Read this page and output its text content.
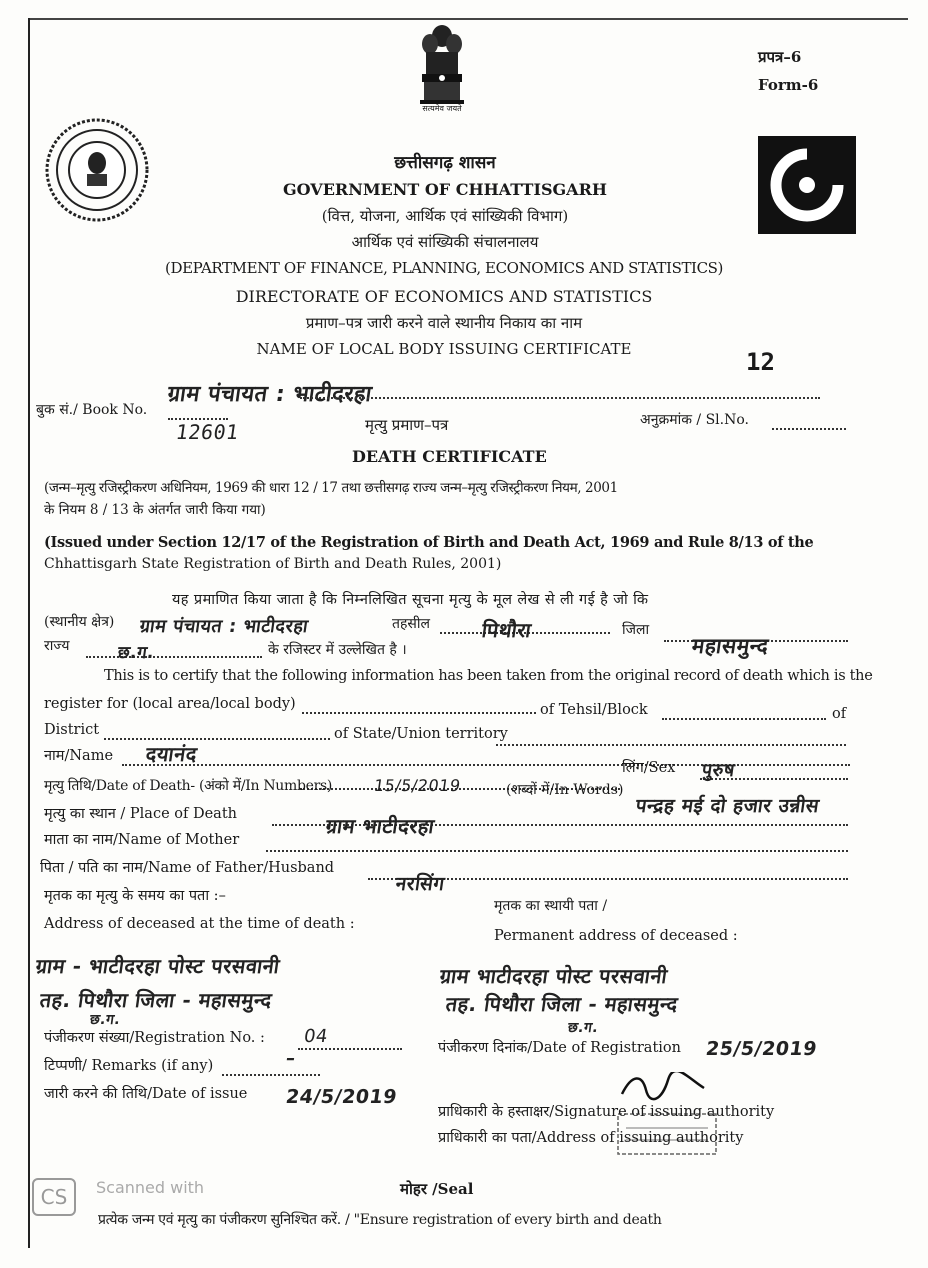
सत्यमेव जयते
प्रपत्र–6
Form-6
छत्तीसगढ़ शासन
GOVERNMENT OF CHHATTISGARH
(वित्त, योजना, आर्थिक एवं सांख्यिकी विभाग)
आर्थिक एवं सांख्यिकी संचालनालय
(DEPARTMENT OF FINANCE, PLANNING, ECONOMICS AND STATISTICS)
DIRECTORATE OF ECONOMICS AND STATISTICS
प्रमाण–पत्र जारी करने वाले स्थानीय निकाय का नाम
NAME OF LOCAL BODY ISSUING CERTIFICATE	12
ग्राम पंचायत : भाटीदरहा
बुक सं./ Book No.
12601	मृत्यु प्रमाण–पत्र	अनुक्रमांक / Sl.No.
DEATH CERTIFICATE
(जन्म–मृत्यु रजिस्ट्रीकरण अधिनियम, 1969 की धारा 12 / 17 तथा छत्तीसगढ़ राज्य जन्म–मृत्यु रजिस्ट्रीकरण नियम, 2001
के नियम 8 / 13 के अंतर्गत जारी किया गया)
(Issued under Section 12/17 of the Registration of Birth and Death Act, 1969 and Rule 8/13 of the
Chhattisgarh State Registration of Birth and Death Rules, 2001)
यह प्रमाणित किया जाता है कि निम्नलिखित सूचना मृत्यु के मूल लेख से ली गई है जो कि
(स्थानीय क्षेत्र) ग्राम पंचायत : भाटीदरहा	तहसील	पिथौरा	जिला
महासमुन्द
राज्य	छ.ग.	के रजिस्टर में उल्लेखित है ।
This is to certify that the following information has been taken from the original record of death which is the
register for (local area/local body)	of Tehsil/Block	of
District	of State/Union territory
नाम/Name दयानंद
लिंग/Sex पुरुष
मृत्यु तिथि/Date of Death- (अंको में/In Numbers)	15/5/2019	(शब्दों में/In Words)
पन्द्रह मई दो हजार उन्नीस
मृत्यु का स्थान / Place of Death	ग्राम भाटीदरहा
माता का नाम/Name of Mother
पिता / पति का नाम/Name of Father/Husband
नरसिंग
मृतक का मृत्यु के समय का पता :–
Address of deceased at the time of death :
मृतक का स्थायी पता /
Permanent address of deceased :
ग्राम - भाटीदरहा पोस्ट परसवानी
तह. पिथौरा जिला - महासमुन्द
छ.ग.
ग्राम भाटीदरहा पोस्ट परसवानी
तह. पिथौरा जिला - महासमुन्द
छ.ग.
पंजीकरण संख्या/Registration No. : 04
पंजीकरण दिनांक/Date of Registration 25/5/2019
टिप्पणी/ Remarks (if any)	–
जारी करने की तिथि/Date of issue 24/5/2019
प्राधिकारी के हस्ताक्षर/Signature of issuing authority
प्राधिकारी का पता/Address of issuing authority
मोहर /Seal
प्रत्येक जन्म एवं मृत्यु का पंजीकरण सुनिश्चित करें. / "Ensure registration of every birth and death
CS	Scanned with
